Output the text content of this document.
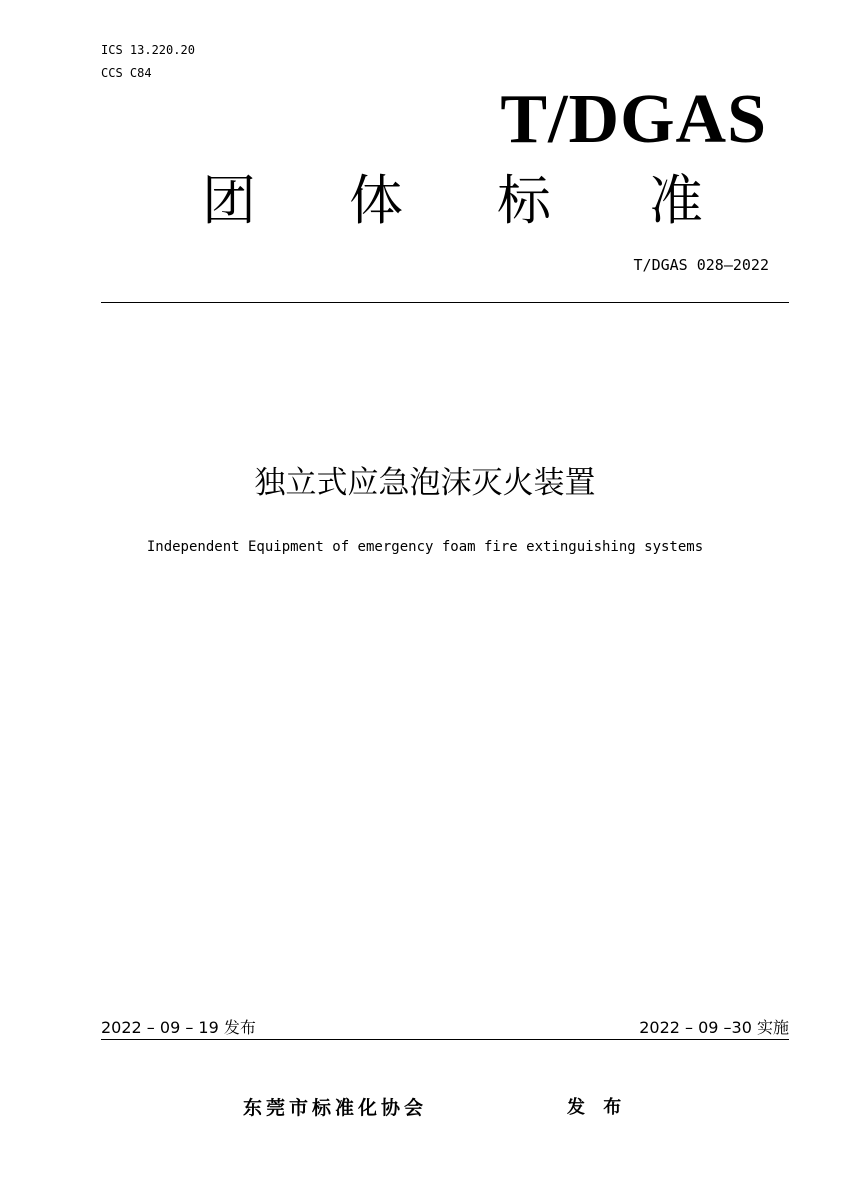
ICS 13.220.20
CCS C84
T/DGAS
团 体 标 准
T/DGAS 028—2022
独立式应急泡沫灭火装置
Independent Equipment of emergency foam fire extinguishing systems
2022 – 09 – 19 发布	2022 – 09 –30 实施
东莞市标准化协会	发 布
